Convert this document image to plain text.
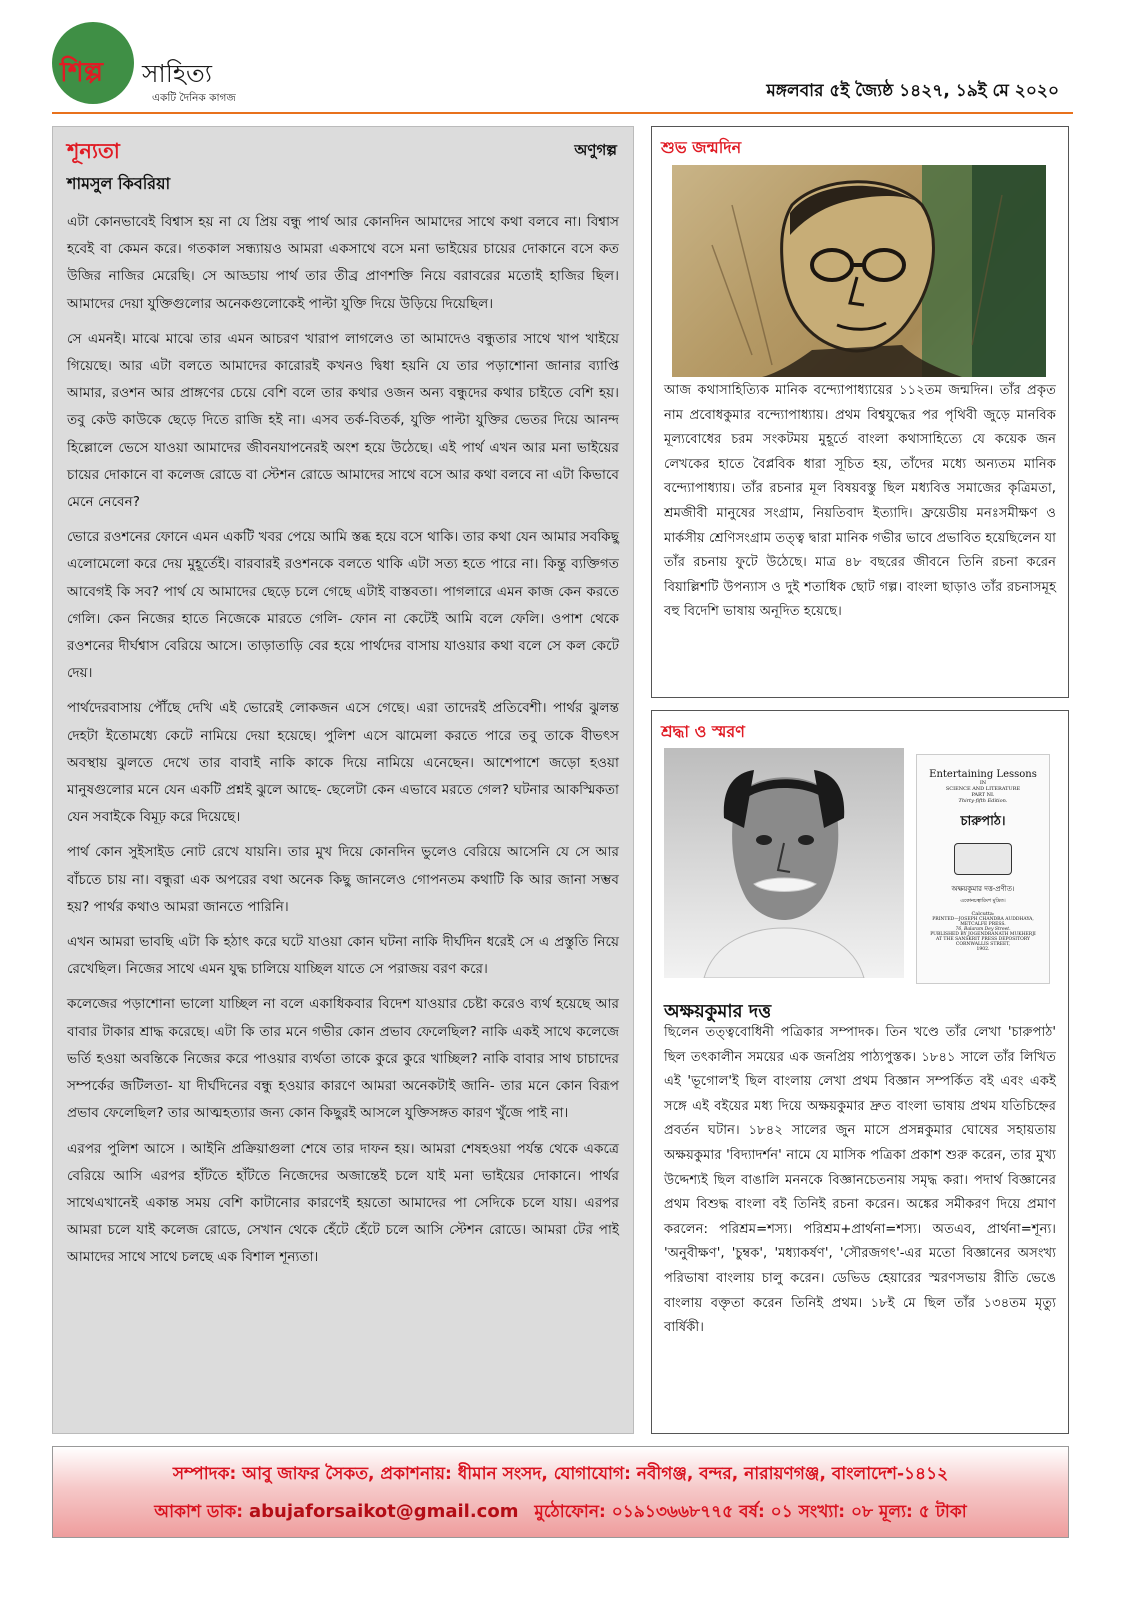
শিল্প সাহিত্য
একটি দৈনিক কাগজ	মঙ্গলবার ৫ই জ্যৈষ্ঠ ১৪২৭, ১৯ই মে ২০২০
শূন্যতা	অণুগল্প
শামসুল কিবরিয়া

এটা কোনভাবেই বিশ্বাস হয় না যে প্রিয় বন্ধু পার্থ আর কোনদিন আমাদের সাথে কথা বলবে না। বিশ্বাস হবেই বা কেমন করে। গতকাল সন্ধ্যায়ও আমরা একসাথে বসে মনা ভাইয়ের চায়ের দোকানে বসে কত উজির নাজির মেরেছি। সে আড্ডায় পার্থ তার তীব্র প্রাণশক্তি নিয়ে বরাবরের মতোই হাজির ছিল। আমাদের দেয়া যুক্তিগুলোর অনেকগুলোকেই পাল্টা যুক্তি দিয়ে উড়িয়ে দিয়েছিল।

সে এমনই। মাঝে মাঝে তার এমন আচরণ খারাপ লাগলেও তা আমাদেও বন্ধুতার সাথে খাপ খাইয়ে গিয়েছে। আর এটা বলতে আমাদের কারোরই কখনও দ্বিধা হয়নি যে তার পড়াশোনা জানার ব্যাপ্তি আমার, রওশন আর প্রাঙ্গণের চেয়ে বেশি বলে তার কথার ওজন অন্য বন্ধুদের কথার চাইতে বেশি হয়। তবু কেউ কাউকে ছেড়ে দিতে রাজি হই না। এসব তর্ক-বিতর্ক, যুক্তি পাল্টা যুক্তির ভেতর দিয়ে আনন্দ হিল্লোলে ভেসে যাওয়া আমাদের জীবনযাপনেরই অংশ হয়ে উঠেছে। এই পার্থ এখন আর মনা ভাইয়ের চায়ের দোকানে বা কলেজ রোডে বা স্টেশন রোডে আমাদের সাথে বসে আর কথা বলবে না এটা কিভাবে মেনে নেবেন?

ভোরে রওশনের ফোনে এমন একটি খবর পেয়ে আমি স্তব্ধ হয়ে বসে থাকি। তার কথা যেন আমার সবকিছু এলোমেলো করে দেয় মুহূর্তেই। বারবারই রওশনকে বলতে থাকি এটা সত্য হতে পারে না। কিন্তু ব্যক্তিগত আবেগই কি সব? পার্থ যে আমাদের ছেড়ে চলে গেছে এটাই বাস্তবতা। পাগলারে এমন কাজ কেন করতে গেলি। কেন নিজের হাতে নিজেকে মারতে গেলি- ফোন না কেটেই আমি বলে ফেলি। ওপাশ থেকে রওশনের দীর্ঘশ্বাস বেরিয়ে আসে। তাড়াতাড়ি বের হয়ে পার্থদের বাসায় যাওয়ার কথা বলে সে কল কেটে দেয়।

পার্থদেরবাসায় পৌঁছে দেখি এই ভোরেই লোকজন এসে গেছে। এরা তাদেরই প্রতিবেশী। পার্থর ঝুলন্ত দেহটা ইতোমধ্যে কেটে নামিয়ে দেয়া হয়েছে। পুলিশ এসে ঝামেলা করতে পারে তবু তাকে বীভৎস অবস্থায় ঝুলতে দেখে তার বাবাই নাকি কাকে দিয়ে নামিয়ে এনেছেন। আশেপাশে জড়ো হওয়া মানুষগুলোর মনে যেন একটি প্রশ্নই ঝুলে আছে- ছেলেটা কেন এভাবে মরতে গেল? ঘটনার আকস্মিকতা যেন সবাইকে বিমূঢ় করে দিয়েছে।

পার্থ কোন সুইসাইড নোট রেখে যায়নি। তার মুখ দিয়ে কোনদিন ভুলেও বেরিয়ে আসেনি যে সে আর বাঁচতে চায় না। বন্ধুরা এক অপরের বথা অনেক কিছু জানলেও গোপনতম কথাটি কি আর জানা সম্ভব হয়? পার্থর কথাও আমরা জানতে পারিনি।

এখন আমরা ভাবছি এটা কি হঠাৎ করে ঘটে যাওয়া কোন ঘটনা নাকি দীর্ঘদিন ধরেই সে এ প্রস্তুতি নিয়ে রেখেছিল। নিজের সাথে এমন যুদ্ধ চালিয়ে যাচ্ছিল যাতে সে পরাজয় বরণ করে।

কলেজের পড়াশোনা ভালো যাচ্ছিল না বলে একাধিকবার বিদেশ যাওয়ার চেষ্টা করেও ব্যর্থ হয়েছে আর বাবার টাকার শ্রাদ্ধ করেছে। এটা কি তার মনে গভীর কোন প্রভাব ফেলেছিল? নাকি একই সাথে কলেজে ভর্তি হওয়া অবন্তিকে নিজের করে পাওয়ার ব্যর্থতা তাকে কুরে কুরে খাচ্ছিল? নাকি বাবার সাথ চাচাদের সম্পর্কের জটিলতা- যা দীর্ঘদিনের বন্ধু হওয়ার কারণে আমরা অনেকটাই জানি- তার মনে কোন বিরূপ প্রভাব ফেলেছিল? তার আত্মহত্যার জন্য কোন কিছুরই আসলে যুক্তিসঙ্গত কারণ খুঁজে পাই না।

এরপর পুলিশ আসে । আইনি প্রক্রিয়াগুলা শেষে তার দাফন হয়। আমরা শেষহওয়া পর্যন্ত থেকে একত্রে বেরিয়ে আসি এরপর হাঁটতে হাঁটতে নিজেদের অজান্তেই চলে যাই মনা ভাইয়ের দোকানে। পার্থর সাথেএখানেই একান্ত সময় বেশি কাটানোর কারণেই হয়তো আমাদের পা সেদিকে চলে যায়। এরপর আমরা চলে যাই কলেজ রোডে, সেখান থেকে হেঁটে হেঁটে চলে আসি স্টেশন রোডে। আমরা টের পাই আমাদের সাথে সাথে চলছে এক বিশাল শূন্যতা।

শুভ জন্মদিন

আজ কথাসাহিত্যিক মানিক বন্দ্যোপাধ্যায়ের ১১২তম জন্মদিন। তাঁর প্রকৃত নাম প্রবোধকুমার বন্দ্যোপাধ্যায়। প্রথম বিশ্বযুদ্ধের পর পৃথিবী জুড়ে মানবিক মূল্যবোধের চরম সংকটময় মুহূর্তে বাংলা কথাসাহিত্যে যে কয়েক জন লেখকের হাতে বৈপ্লবিক ধারা সূচিত হয়, তাঁদের মধ্যে অন্যতম মানিক বন্দ্যোপাধ্যায়। তাঁর রচনার মূল বিষয়বস্তু ছিল মধ্যবিত্ত সমাজের কৃত্রিমতা, শ্রমজীবী মানুষের সংগ্রাম, নিয়তিবাদ ইত্যাদি। ফ্রয়েডীয় মনঃসমীক্ষণ ও মার্কসীয় শ্রেণিসংগ্রাম তত্ত্ব দ্বারা মানিক গভীর ভাবে প্রভাবিত হয়েছিলেন যা তাঁর রচনায় ফুটে উঠেছে। মাত্র ৪৮ বছরের জীবনে তিনি রচনা করেন বিয়াল্লিশটি উপন্যাস ও দুই শতাধিক ছোট গল্প। বাংলা ছাড়াও তাঁর রচনাসমূহ বহু বিদেশি ভাষায় অনূদিত হয়েছে।

শ্রদ্ধা ও স্মরণ
Entertaining Lessons
IN
SCIENCE AND LITERATURE
PART NI.
Thirty-fifth Edition.
চারুপাঠ।
অক্ষয়কুমার দত্ত-প্রণীত।
একোনচত্বারিংশ মুদ্রিত।
Calcutta:
PRINTED—JOSEPH CHANDRA AUDDHAYA,
METCALFE PRESS.
76, Balaram Dey Street.
PUBLISHED BY JOGENDRANATH MUKHERJI
AT THE SANSKRIT PRESS DEPOSITORY
CORNWALLIS STREET,
1902.
অক্ষয়কুমার দত্ত

ছিলেন তত্ত্ববোধিনী পত্রিকার সম্পাদক। তিন খণ্ডে তাঁর লেখা 'চারুপাঠ' ছিল তৎকালীন সময়ের এক জনপ্রিয় পাঠ্যপুস্তক। ১৮৪১ সালে তাঁর লিখিত এই 'ভূগোল'ই ছিল বাংলায় লেখা প্রথম বিজ্ঞান সম্পর্কিত বই এবং একই সঙ্গে এই বইয়ের মধ্য দিয়ে অক্ষয়কুমার দ্রুত বাংলা ভাষায় প্রথম যতিচিহ্নের প্রবর্তন ঘটান। ১৮৪২ সালের জুন মাসে প্রসন্নকুমার ঘোষের সহায়তায় অক্ষয়কুমার 'বিদ্যাদর্শন' নামে যে মাসিক পত্রিকা প্রকাশ শুরু করেন, তার মুখ্য উদ্দেশ্যই ছিল বাঙালি মননকে বিজ্ঞানচেতনায় সমৃদ্ধ করা। পদার্থ বিজ্ঞানের প্রথম বিশুদ্ধ বাংলা বই তিনিই রচনা করেন। অঙ্কের সমীকরণ দিয়ে প্রমাণ করলেন: পরিশ্রম=শস্য। পরিশ্রম+প্রার্থনা=শস্য। অতএব, প্রার্থনা=শূন্য। 'অনুবীক্ষণ', 'চুম্বক', 'মধ্যাকর্ষণ', 'সৌরজগৎ'-এর মতো বিজ্ঞানের অসংখ্য পরিভাষা বাংলায় চালু করেন। ডেভিড হেয়ারের স্মরণসভায় রীতি ভেঙে বাংলায় বক্তৃতা করেন তিনিই প্রথম। ১৮ই মে ছিল তাঁর ১৩৪তম মৃত্যু বার্ষিকী।

সম্পাদক: আবু জাফর সৈকত, প্রকাশনায়: ধীমান সংসদ, যোগাযোগ: নবীগঞ্জ, বন্দর, নারায়ণগঞ্জ, বাংলাদেশ-১৪১২
আকাশ ডাক: abujaforsaikot@gmail.com মুঠোফোন: ০১৯১৩৬৬৮৭৭৫ বর্ষ: ০১ সংখ্যা: ০৮ মূল্য: ৫ টাকা
